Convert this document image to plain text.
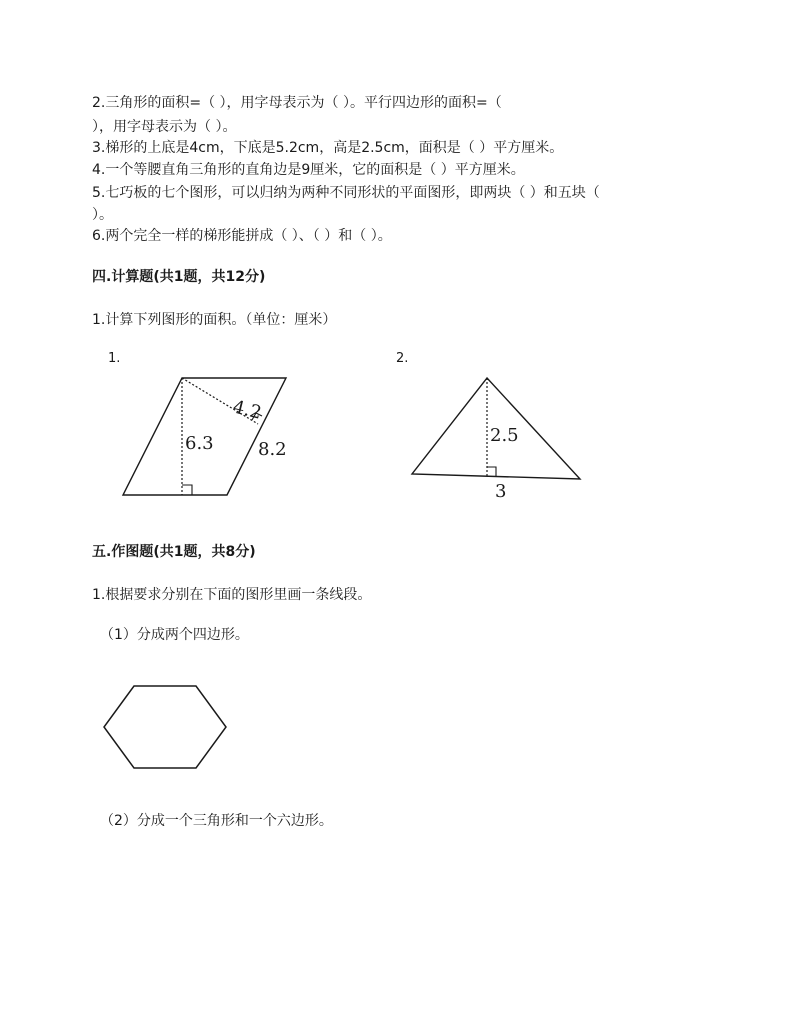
2.三角形的面积=（ ），用字母表示为（ ）。平行四边形的面积=（
），用字母表示为（ ）。
3.梯形的上底是4cm，下底是5.2cm，高是2.5cm，面积是（ ）平方厘米。
4.一个等腰直角三角形的直角边是9厘米，它的面积是（ ）平方厘米。
5.七巧板的七个图形，可以归纳为两种不同形状的平面图形，即两块（ ）和五块（
）。
6.两个完全一样的梯形能拼成（ ）、（ ）和（ ）。
四.计算题(共1题，共12分)
1.计算下列图形的面积。（单位：厘米）
1.	2.
6.3
4.2
8.2
2.5
3
五.作图题(共1题，共8分)
1.根据要求分别在下面的图形里画一条线段。
（1）分成两个四边形。
（2）分成一个三角形和一个六边形。
